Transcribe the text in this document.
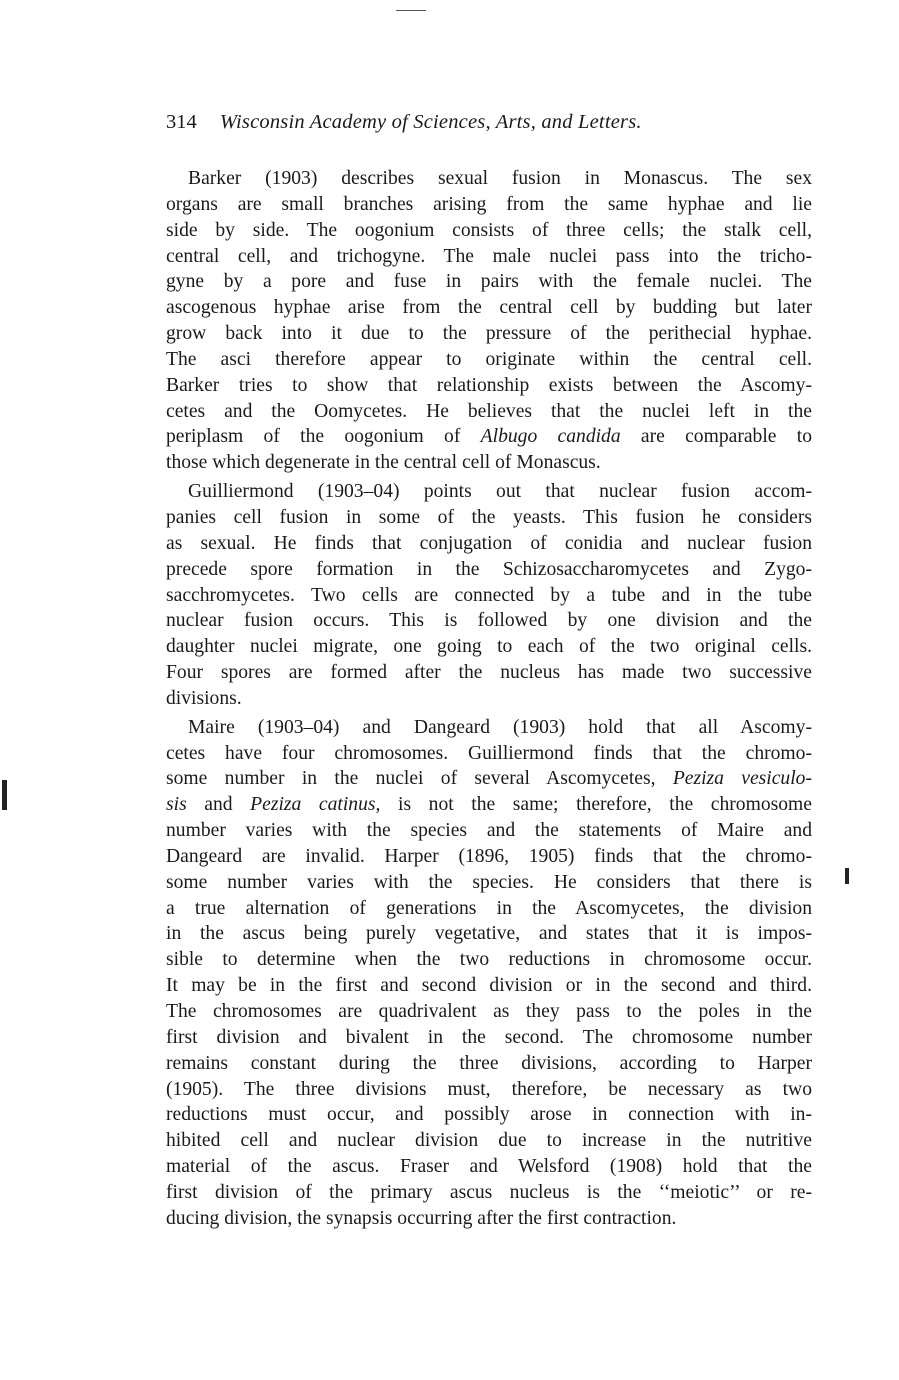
314 Wisconsin Academy of Sciences, Arts, and Letters.
Barker (1903) describes sexual fusion in Monascus. The sex
organs are small branches arising from the same hyphae and lie
side by side. The oogonium consists of three cells; the stalk cell,
central cell, and trichogyne. The male nuclei pass into the tricho-
gyne by a pore and fuse in pairs with the female nuclei. The
ascogenous hyphae arise from the central cell by budding but later
grow back into it due to the pressure of the perithecial hyphae.
The asci therefore appear to originate within the central cell.
Barker tries to show that relationship exists between the Ascomy-
cetes and the Oomycetes. He believes that the nuclei left in the
periplasm of the oogonium of Albugo candida are comparable to
those which degenerate in the central cell of Monascus.
Guilliermond (1903–04) points out that nuclear fusion accom-
panies cell fusion in some of the yeasts. This fusion he considers
as sexual. He finds that conjugation of conidia and nuclear fusion
precede spore formation in the Schizosaccharomycetes and Zygo-
sacchromycetes. Two cells are connected by a tube and in the tube
nuclear fusion occurs. This is followed by one division and the
daughter nuclei migrate, one going to each of the two original cells.
Four spores are formed after the nucleus has made two successive
divisions.
Maire (1903–04) and Dangeard (1903) hold that all Ascomy-
cetes have four chromosomes. Guilliermond finds that the chromo-
some number in the nuclei of several Ascomycetes, Peziza vesiculo-
sis and Peziza catinus, is not the same; therefore, the chromosome
number varies with the species and the statements of Maire and
Dangeard are invalid. Harper (1896, 1905) finds that the chromo-
some number varies with the species. He considers that there is
a true alternation of generations in the Ascomycetes, the division
in the ascus being purely vegetative, and states that it is impos-
sible to determine when the two reductions in chromosome occur.
It may be in the first and second division or in the second and third.
The chromosomes are quadrivalent as they pass to the poles in the
first division and bivalent in the second. The chromosome number
remains constant during the three divisions, according to Harper
(1905). The three divisions must, therefore, be necessary as two
reductions must occur, and possibly arose in connection with in-
hibited cell and nuclear division due to increase in the nutritive
material of the ascus. Fraser and Welsford (1908) hold that the
first division of the primary ascus nucleus is the ‘‘meiotic’’ or re-
ducing division, the synapsis occurring after the first contraction.
